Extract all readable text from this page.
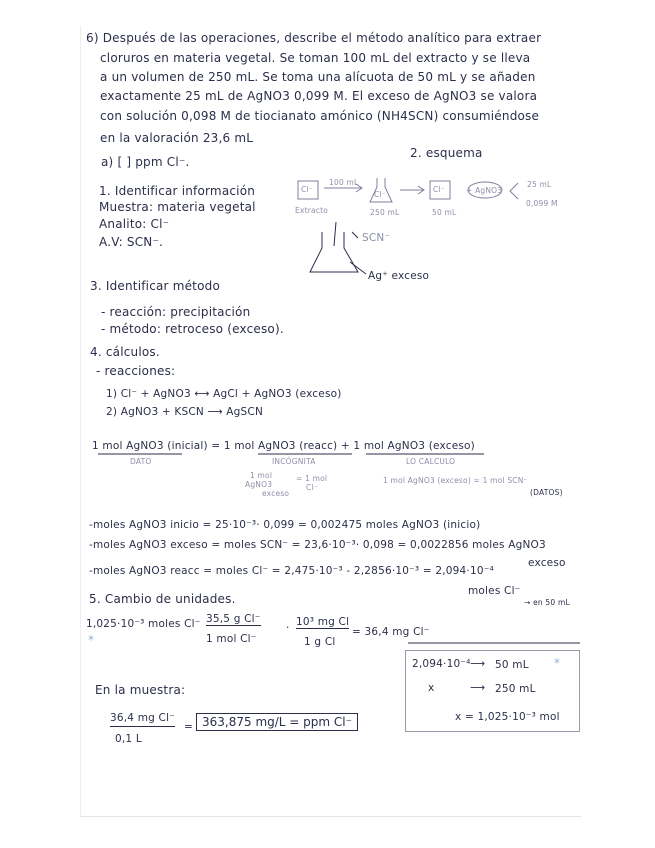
6) Después de las operaciones, describe el método analítico para extraer
cloruros en materia vegetal. Se toman 100 mL del extracto y se lleva
a un volumen de 250 mL. Se toma una alícuota de 50 mL y se añaden
exactamente 25 mL de AgNO3 0,099 M. El exceso de AgNO3 se valora
con solución 0,098 M de tiocianato amónico (NH4SCN) consumiéndose
en la valoración 23,6 mL
a) [ ] ppm Cl⁻.
2. esquema
Cl⁻
100 mL
Cl⁻
Cl⁻	+ AgNO3
Extracto	250 mL	50 mL
25 mL
0,099 M
SCN⁻
Ag⁺ exceso
1. Identificar información
Muestra: materia vegetal
Analito: Cl⁻
A.V: SCN⁻.
3. Identificar método
- reacción: precipitación
- método: retroceso (exceso).
4. cálculos.
- reacciones:
1) Cl⁻ + AgNO3 ⟷ AgCl + AgNO3 (exceso)
2) AgNO3 + KSCN ⟶ AgSCN
1 mol AgNO3 (inicial) = 1 mol AgNO3 (reacc) + 1 mol AgNO3 (exceso)
DATO	INCÓGNITA	LO CALCULO
1 mol
AgNO3
exceso
= 1 mol
Cl⁻
1 mol AgNO3 (exceso) = 1 mol SCN⁻
(DATOS)
-moles AgNO3 inicio = 25·10⁻³· 0,099 = 0,002475 moles AgNO3 (inicio)
-moles AgNO3 exceso = moles SCN⁻ = 23,6·10⁻³· 0,098 = 0,0022856 moles AgNO3
exceso
-moles AgNO3 reacc = moles Cl⁻ = 2,475·10⁻³ - 2,2856·10⁻³ = 2,094·10⁻⁴
moles Cl⁻
→ en 50 mL
5. Cambio de unidades.
1,025·10⁻³ moles Cl⁻
*
35,5 g Cl⁻
1 mol Cl⁻
· 10³ mg Cl
1 g Cl
= 36,4 mg Cl⁻
2,094·10⁻⁴ ⟶ 50 mL *
x	⟶ 250 mL
x = 1,025·10⁻³ mol
En la muestra:
36,4 mg Cl⁻
0,1 L
= 363,875 mg/L = ppm Cl⁻
